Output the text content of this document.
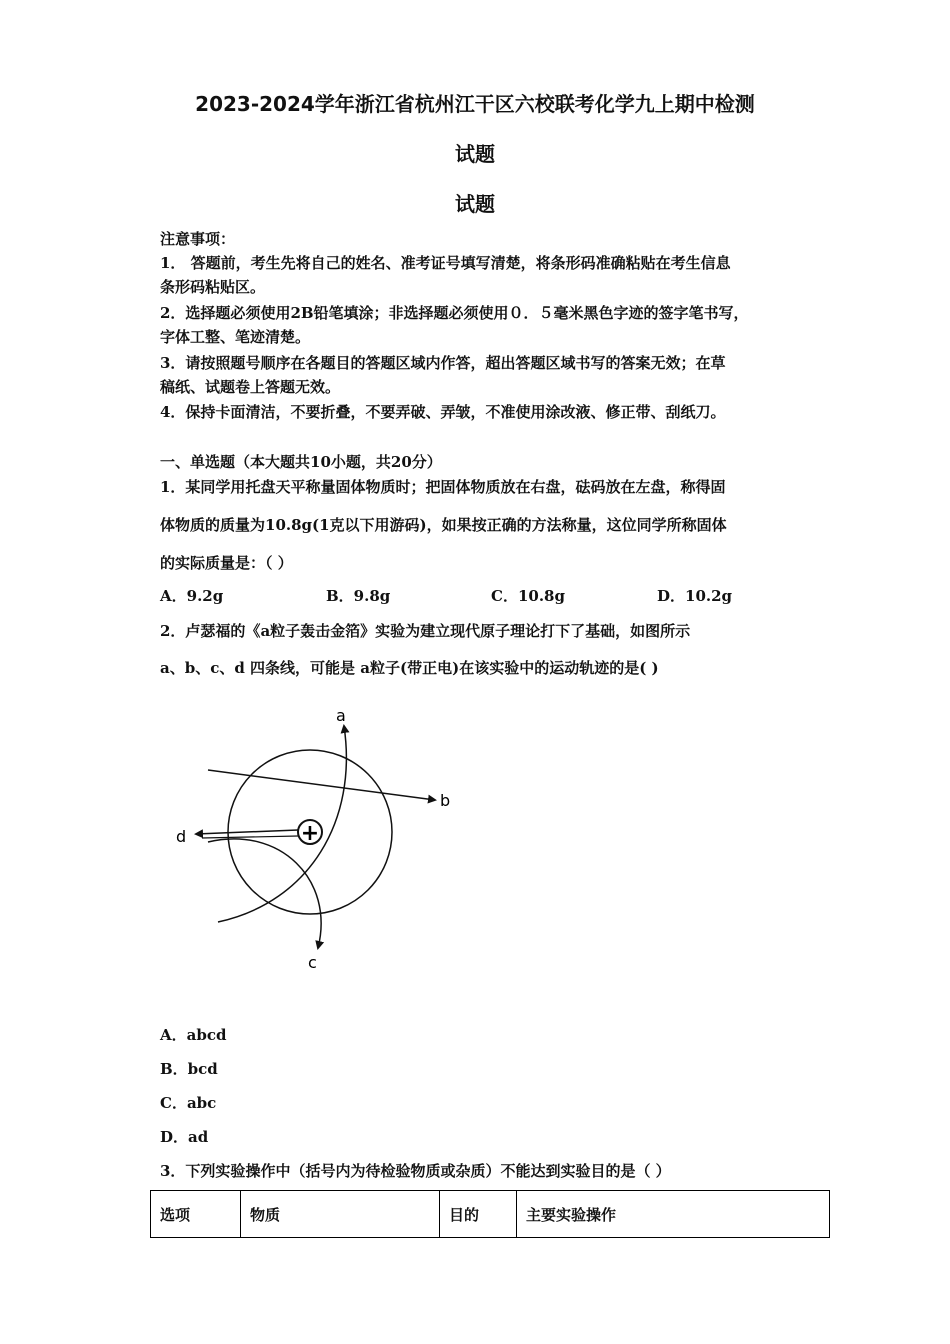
2023-2024学年浙江省杭州江干区六校联考化学九上期中检测
试题
试题
注意事项：
1． 答题前，考生先将自己的姓名、准考证号填写清楚，将条形码准确粘贴在考生信息
条形码粘贴区。
2．选择题必须使用2B铅笔填涂；非选择题必须使用０．５毫米黑色字迹的签字笔书写，
字体工整、笔迹清楚。
3．请按照题号顺序在各题目的答题区域内作答，超出答题区域书写的答案无效；在草
稿纸、试题卷上答题无效。
4．保持卡面清洁，不要折叠，不要弄破、弄皱，不准使用涂改液、修正带、刮纸刀。
一、单选题（本大题共10小题，共20分）
1．某同学用托盘天平称量固体物质时；把固体物质放在右盘，砝码放在左盘，称得固
体物质的质量为10.8g(1克以下用游码)，如果按正确的方法称量，这位同学所称固体
的实际质量是：（ ）
A．9.2g	B．9.8g	C．10.8g	D．10.2g
2．卢瑟福的《a粒子轰击金箔》实验为建立现代原子理论打下了基础，如图所示
a、b、c、d 四条线，可能是 a粒子(带正电)在该实验中的运动轨迹的是( )
+
a
b
c
d
A．abcd
B．bcd
C．abc
D．ad
3．下列实验操作中（括号内为待检验物质或杂质）不能达到实验目的是（ ）
选项	物质	目的	主要实验操作
